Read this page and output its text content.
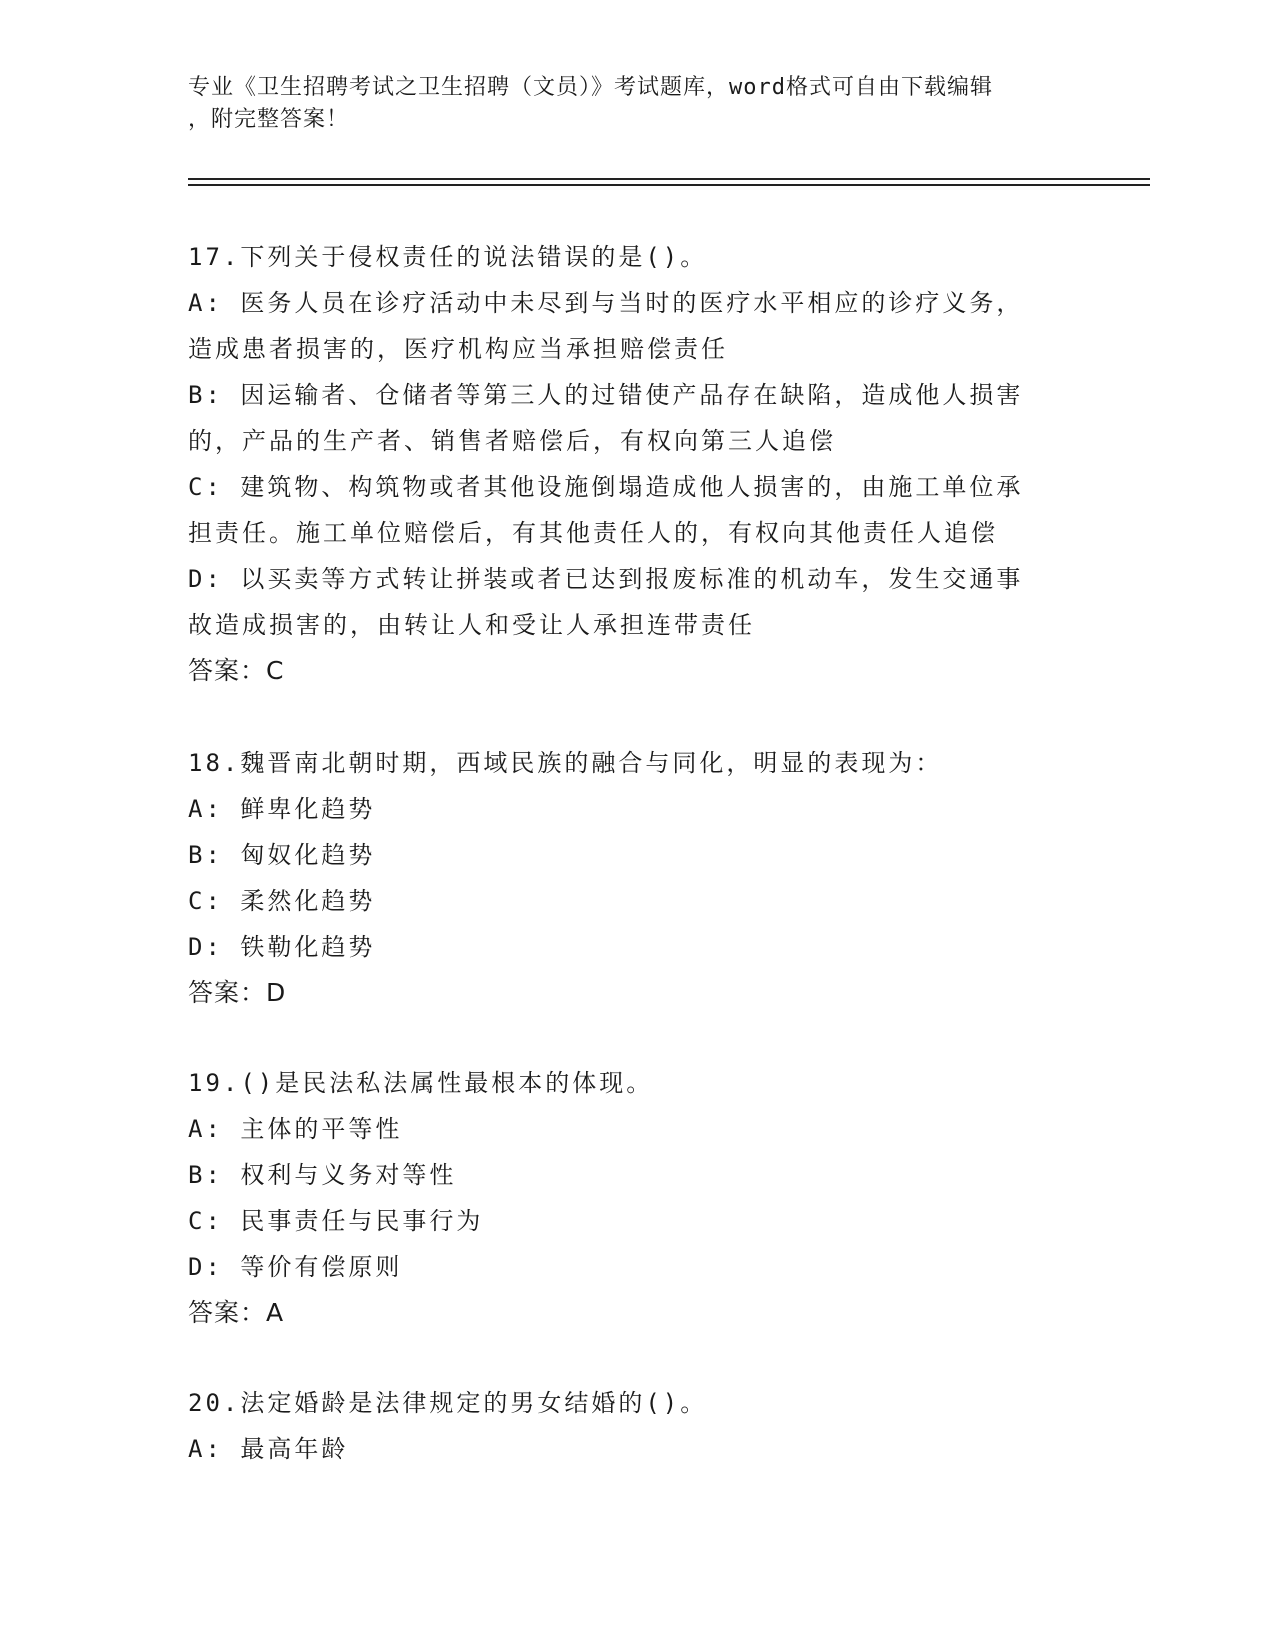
专业《卫生招聘考试之卫生招聘（文员）》考试题库，word格式可自由下载编辑
，附完整答案！

17.下列关于侵权责任的说法错误的是()。

A: 医务人员在诊疗活动中未尽到与当时的医疗水平相应的诊疗义务，

造成患者损害的，医疗机构应当承担赔偿责任

B: 因运输者、仓储者等第三人的过错使产品存在缺陷，造成他人损害

的，产品的生产者、销售者赔偿后，有权向第三人追偿

C: 建筑物、构筑物或者其他设施倒塌造成他人损害的，由施工单位承

担责任。施工单位赔偿后，有其他责任人的，有权向其他责任人追偿

D: 以买卖等方式转让拼装或者已达到报废标准的机动车，发生交通事

故造成损害的，由转让人和受让人承担连带责任

答案：C

18.魏晋南北朝时期，西域民族的融合与同化，明显的表现为：

A: 鲜卑化趋势

B: 匈奴化趋势

C: 柔然化趋势

D: 铁勒化趋势

答案：D

19.()是民法私法属性最根本的体现。

A: 主体的平等性

B: 权利与义务对等性

C: 民事责任与民事行为

D: 等价有偿原则

答案：A

20.法定婚龄是法律规定的男女结婚的()。

A: 最高年龄
